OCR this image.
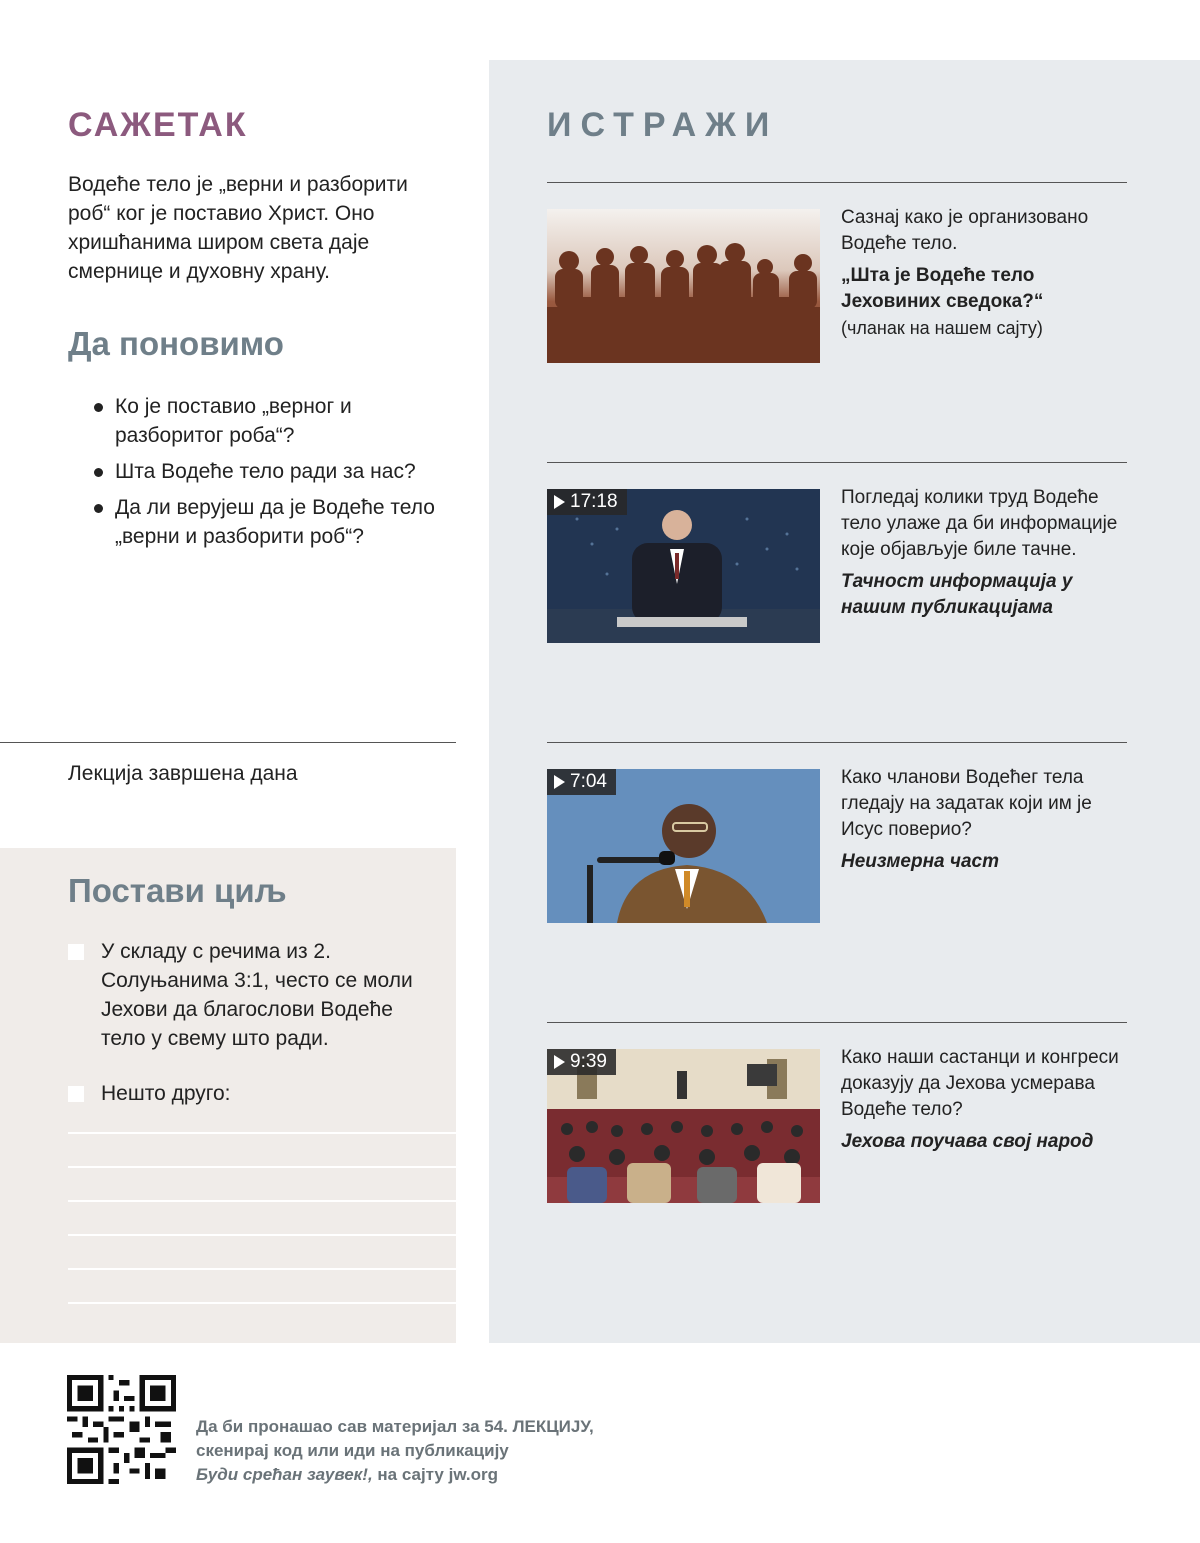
САЖЕТАК

Водеће тело је „верни и разборити роб“ ког је поставио Христ. Оно хришћанима широм света даје смернице и духовну храну.

Да поновимо
Ко је поставио „верног и разборитог роба“?
Шта Водеће тело ради за нас?
Да ли верујеш да је Водеће тело „верни и разборити роб“?
Лекција завршена дана
Постави циљ
У складу с речима из 2. Солуњанима 3:1, често се моли Јехови да благослови Водеће тело у свему што ради.
Нешто друго:
ИСТРАЖИ
Сазнај како је организовано Водеће тело.
„Шта је Водеће тело Јеховиних сведока?“
(чланак на нашем сајту)
17:18	Погледај колики труд Водеће тело улаже да би информације које објављује биле тачне.
Тачност информација у нашим публикацијама
7:04	Како чланови Водећег тела гледају на задатак који им је Исус поверио?
Неизмерна част
9:39	Како наши састанци и конгреси доказују да Јехова усмерава Водеће тело?
Јехова поучава свој народ
Да би пронашао сав материјал за 54. ЛЕКЦИЈУ,
скенирај код или иди на публикацију
Буди срећан заувек!, на сајту jw.org
